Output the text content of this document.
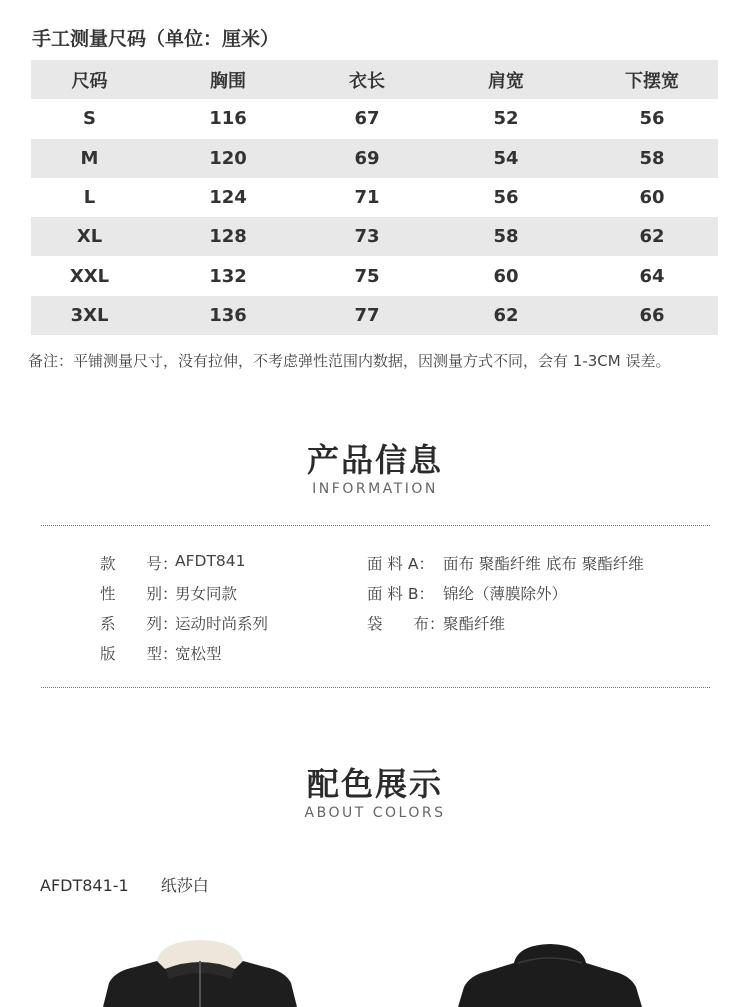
手工测量尺码（单位：厘米）
尺码	胸围	衣长	肩宽	下摆宽
S	116	67	52	56
M	120	69	54	58
L	124	71	56	60
XL	128	73	58	62
XXL	132	75	60	64
3XL	136	77	62	66
备注：平铺测量尺寸，没有拉伸，不考虑弹性范围内数据，因测量方式不同，会有 1-3CM 误差。
产品信息
INFORMATION
款　　号：
AFDT841
性　　别：
男女同款
系　　列：
运动时尚系列
版　　型：
宽松型
面 料 A： 面布 聚酯纤维 底布 聚酯纤维
面 料 B： 锦纶（薄膜除外）
袋　　布：
聚酯纤维
配色展示
ABOUT COLORS
AFDT841-1 纸莎白
